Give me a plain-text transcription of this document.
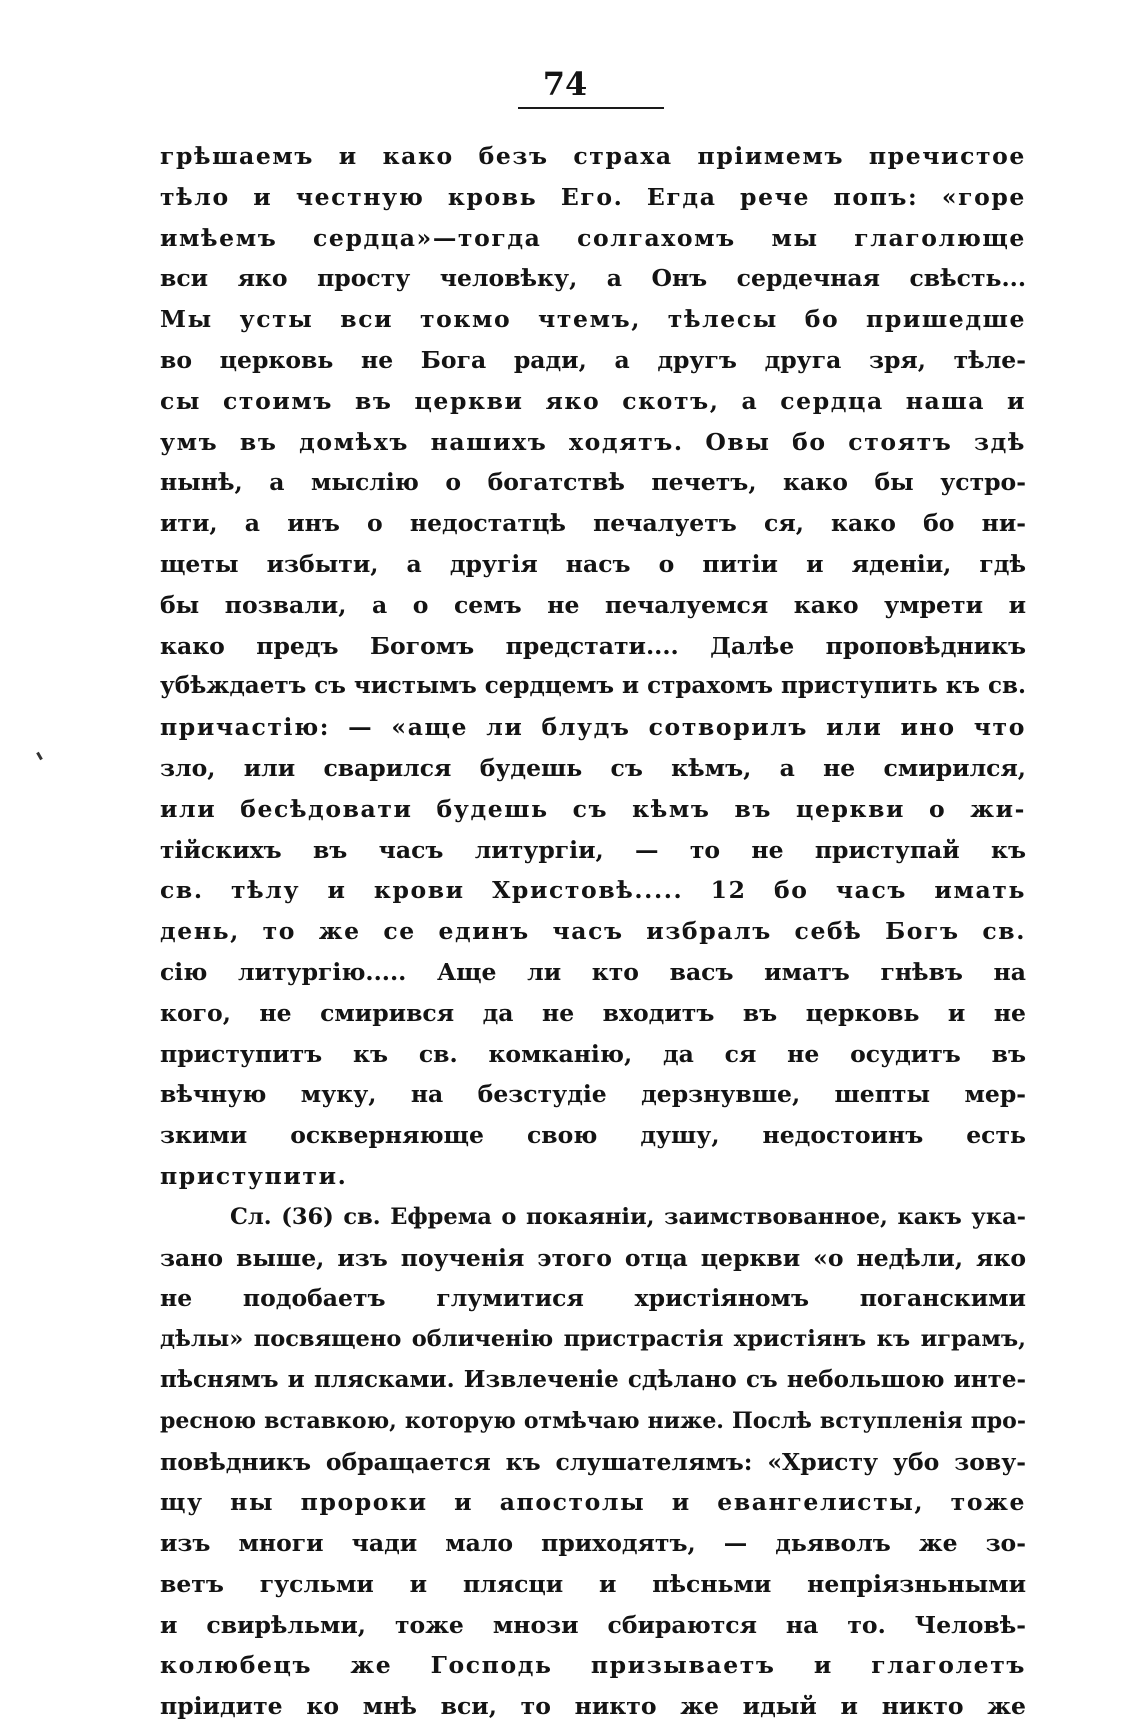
74
грѣшаемъ и како безъ страха пріимемъ пречистое
тѣло и честную кровь Его. Егда рече попъ: «горе
имѣемъ сердца»—тогда солгахомъ мы глаголюще
вси яко просту человѣку, а Онъ сердечная свѣсть...
Мы усты вси токмо чтемъ, тѣлесы бо пришедше
во церковь не Бога ради, а другъ друга зря, тѣле-
сы стоимъ въ церкви яко скотъ, а сердца наша и
умъ въ домѣхъ нашихъ ходятъ. Овы бо стоятъ здѣ
нынѣ, а мыслію о богатствѣ печетъ, како бы устро-
ити, а инъ о недостатцѣ печалуетъ ся, како бо ни-
щеты избыти, а другія насъ о питіи и ядeніи, гдѣ
бы позвали, а о семъ не печалуемся како умрети и
како предъ Богомъ предстати.... Далѣе проповѣдникъ
убѣждаетъ съ чистымъ сердцемъ и страхомъ приступить къ св.
причастію: — «аще ли блудъ сотворилъ или ино что
зло, или сварился будешь съ кѣмъ, а не смирился,
или бесѣдовати будешь съ кѣмъ въ церкви о жи-
тійскихъ въ часъ литургіи, — то не приступай къ
св. тѣлу и крови Христовѣ..... 12 бо часъ имать
день, то же се единъ часъ избралъ себѣ Богъ св.
сію литургію..... Аще ли кто васъ иматъ гнѣвъ на
кого, не смирився да не входитъ въ церковь и не
приступитъ къ св. комканію, да ся не осудитъ въ
вѣчную муку, на безстудіе дерзнувше, шепты мер-
зкими оскверняюще свою душу, недостоинъ есть
приступити.
Сл. (36) св. Ефрема о покаяніи, заимствованное, какъ ука-
зано выше, изъ поученія этого отца церкви «о недѣли, яко
не подобаетъ глумитися христіяномъ поганскими
дѣлы» посвящено обличенію пристрастія христіянъ къ играмъ,
пѣснямъ и плясками. Извлеченіе сдѣлано съ небольшою инте-
ресною вставкою, которую отмѣчаю ниже. Послѣ вступленія про-
повѣдникъ обращается къ слушателямъ: «Христу убо зову-
щу ны пророки и апостолы и евангелисты, тоже
изъ многи чади мало приходятъ, — дьяволъ же зо-
ветъ гусльми и плясци и пѣсньми непріязньными
и свирѣльми, тоже мнози сбираются на то. Человѣ-
колюбецъ же Господь призываетъ и глаголетъ
пріидите ко мнѣ вси, то никто же идый и никто же
